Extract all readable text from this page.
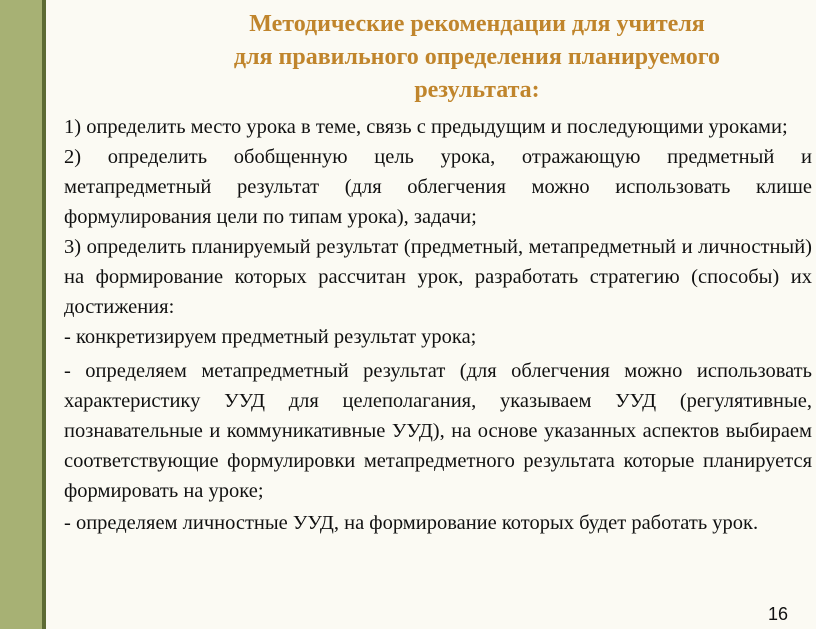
Методические рекомендации для учителя
для правильного определения планируемого
результата:

1) определить место урока в теме, связь с предыдущим и последующими уроками;

2) определить обобщенную цель урока, отражающую предметный и метапредметный результат (для облегчения можно использовать клише формулирования цели по типам урока), задачи;

3) определить планируемый результат (предметный, метапредметный и личностный) на формирование которых рассчитан урок, разработать стратегию (способы) их достижения:

- конкретизируем предметный результат урока;

- определяем метапредметный результат (для облегчения можно использовать характеристику УУД для целеполагания, указываем УУД (регулятивные, познавательные и коммуникативные УУД), на основе указанных аспектов выбираем соответствующие формулировки метапредметного результата которые планируется формировать на уроке;

- определяем личностные УУД, на формирование которых будет работать урок.

16
